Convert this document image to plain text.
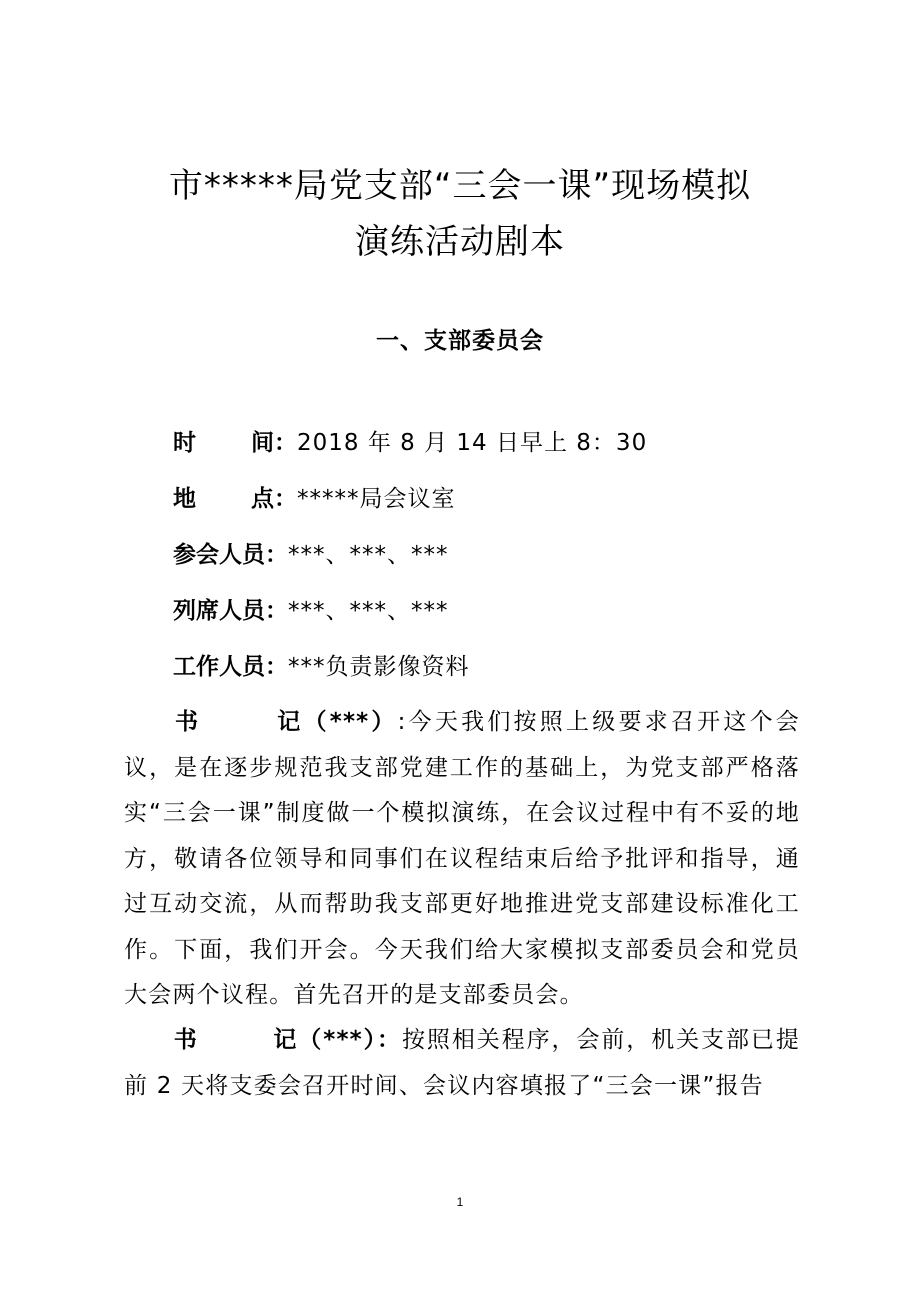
市*****局党支部“三会一课”现场模拟
演练活动剧本
一、支部委员会
时 间：2018 年 8 月 14 日早上 8：30
地 点：*****局会议室
参会人员：***、***、***
列席人员：***、***、***
工作人员：***负责影像资料
书	记（***）:今天我们按照上级要求召开这个会议，是在逐步规范我支部党建工作的基础上，为党支部严格落实“三会一课”制度做一个模拟演练，在会议过程中有不妥的地方，敬请各位领导和同事们在议程结束后给予批评和指导，通过互动交流，从而帮助我支部更好地推进党支部建设标准化工作。下面，我们开会。今天我们给大家模拟支部委员会和党员大会两个议程。首先召开的是支部委员会。
书	记（***）：按照相关程序，会前，机关支部已提前 2 天将支委会召开时间、会议内容填报了“三会一课”报告
1
